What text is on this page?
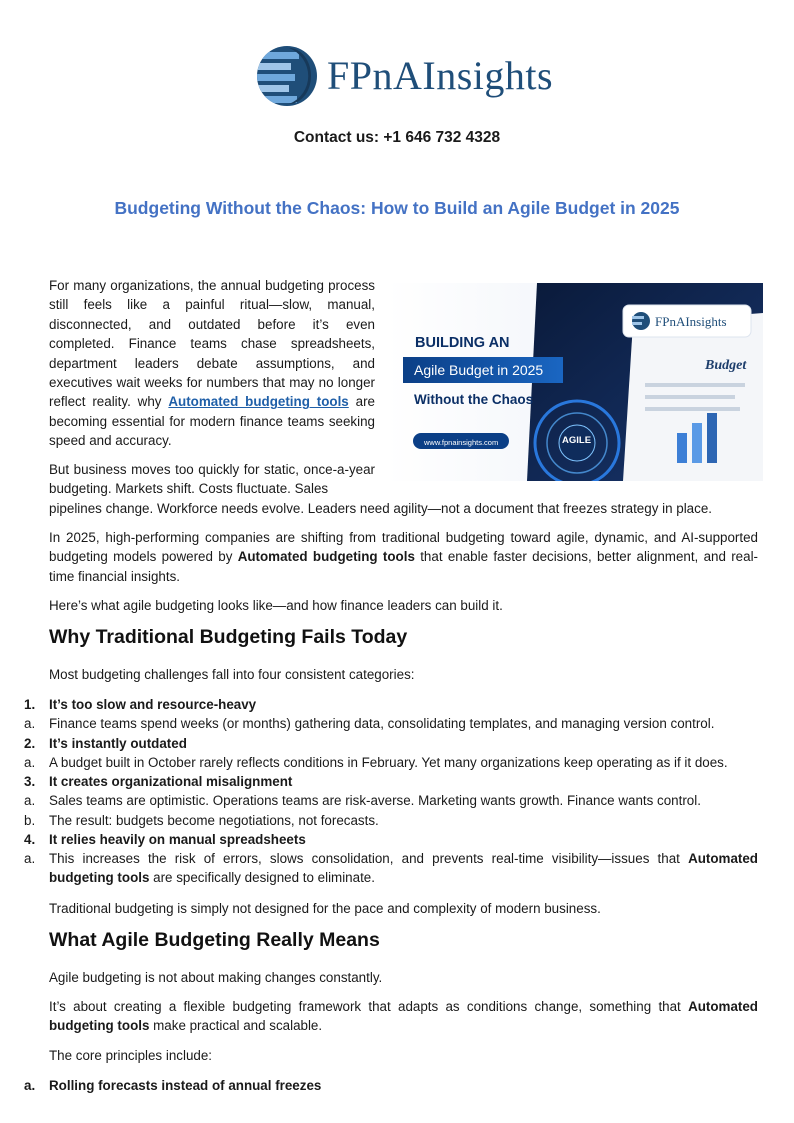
FPnAInsights
Contact us: +1 646 732 4328
Budgeting Without the Chaos: How to Build an Agile Budget in 2025

For many organizations, the annual budgeting process still feels like a painful ritual—slow, manual, disconnected, and outdated before it’s even completed. Finance teams chase spreadsheets, department leaders debate assumptions, and executives wait weeks for numbers that may no longer reflect reality. why Automated budgeting tools are becoming essential for modern finance teams seeking speed and accuracy.

Budget
FPnAInsights
BUILDING AN
Agile Budget in 2025
Without the Chaos
www.fpnainsights.com	AGILE

But business moves too quickly for static, once-a-year budgeting. Markets shift. Costs fluctuate. Sales

pipelines change. Workforce needs evolve. Leaders need agility—not a document that freezes strategy in place.

In 2025, high-performing companies are shifting from traditional budgeting toward agile, dynamic, and AI-supported budgeting models powered by Automated budgeting tools that enable faster decisions, better alignment, and real-time financial insights.

Here’s what agile budgeting looks like—and how finance leaders can build it.

Why Traditional Budgeting Fails Today

Most budgeting challenges fall into four consistent categories:

1.	It’s too slow and resource-heavy
a.	Finance teams spend weeks (or months) gathering data, consolidating templates, and managing version control.
2.	It’s instantly outdated
a.	A budget built in October rarely reflects conditions in February. Yet many organizations keep operating as if it does.
3.	It creates organizational misalignment
a.	Sales teams are optimistic. Operations teams are risk-averse. Marketing wants growth. Finance wants control.
b.	The result: budgets become negotiations, not forecasts.
4.	It relies heavily on manual spreadsheets
a.	This increases the risk of errors, slows consolidation, and prevents real-time visibility—issues that Automated budgeting tools are specifically designed to eliminate.

Traditional budgeting is simply not designed for the pace and complexity of modern business.

What Agile Budgeting Really Means

Agile budgeting is not about making changes constantly.

It’s about creating a flexible budgeting framework that adapts as conditions change, something that Automated budgeting tools make practical and scalable.

The core principles include:

a.	Rolling forecasts instead of annual freezes
